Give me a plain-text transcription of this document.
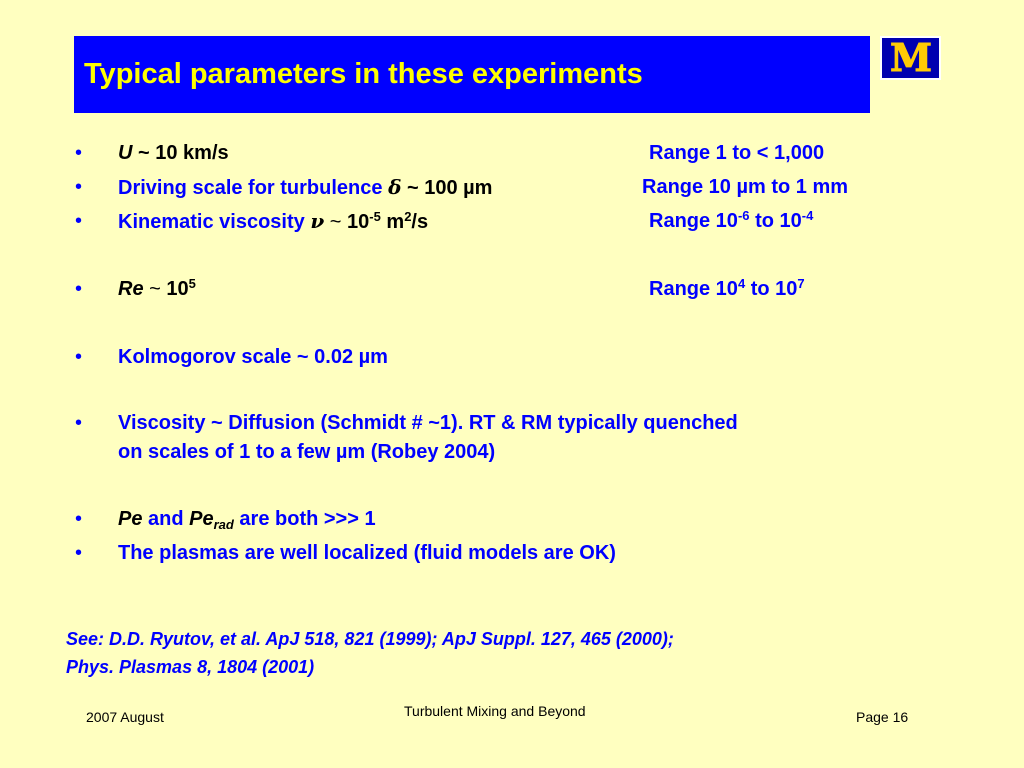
Typical parameters in these experiments	M
• U ~ 10 km/s	Range 1 to < 1,000
• Driving scale for turbulence δ ~ 100 µm	Range 10 µm to 1 mm
• Kinematic viscosity ν ~ $10^{-5}$ $m^2/s$	Range $10^{-6}$ to $10^{-4}$
• Re ~ $10^5$	Range $10^4$ to $10^7$
• Kolmogorov scale ~ 0.02 µm
• Viscosity ~ Diffusion (Schmidt # ~1). RT & RM typically quenched
on scales of 1 to a few µm (Robey 2004)
• Pe and $Pe_{rad}$ are both >>> 1
• The plasmas are well localized (fluid models are OK)
See: D.D. Ryutov, et al. ApJ 518, 821 (1999); ApJ Suppl. 127, 465 (2000);
Phys. Plasmas 8, 1804 (2001)
2007 August	Turbulent Mixing and Beyond	Page 16
